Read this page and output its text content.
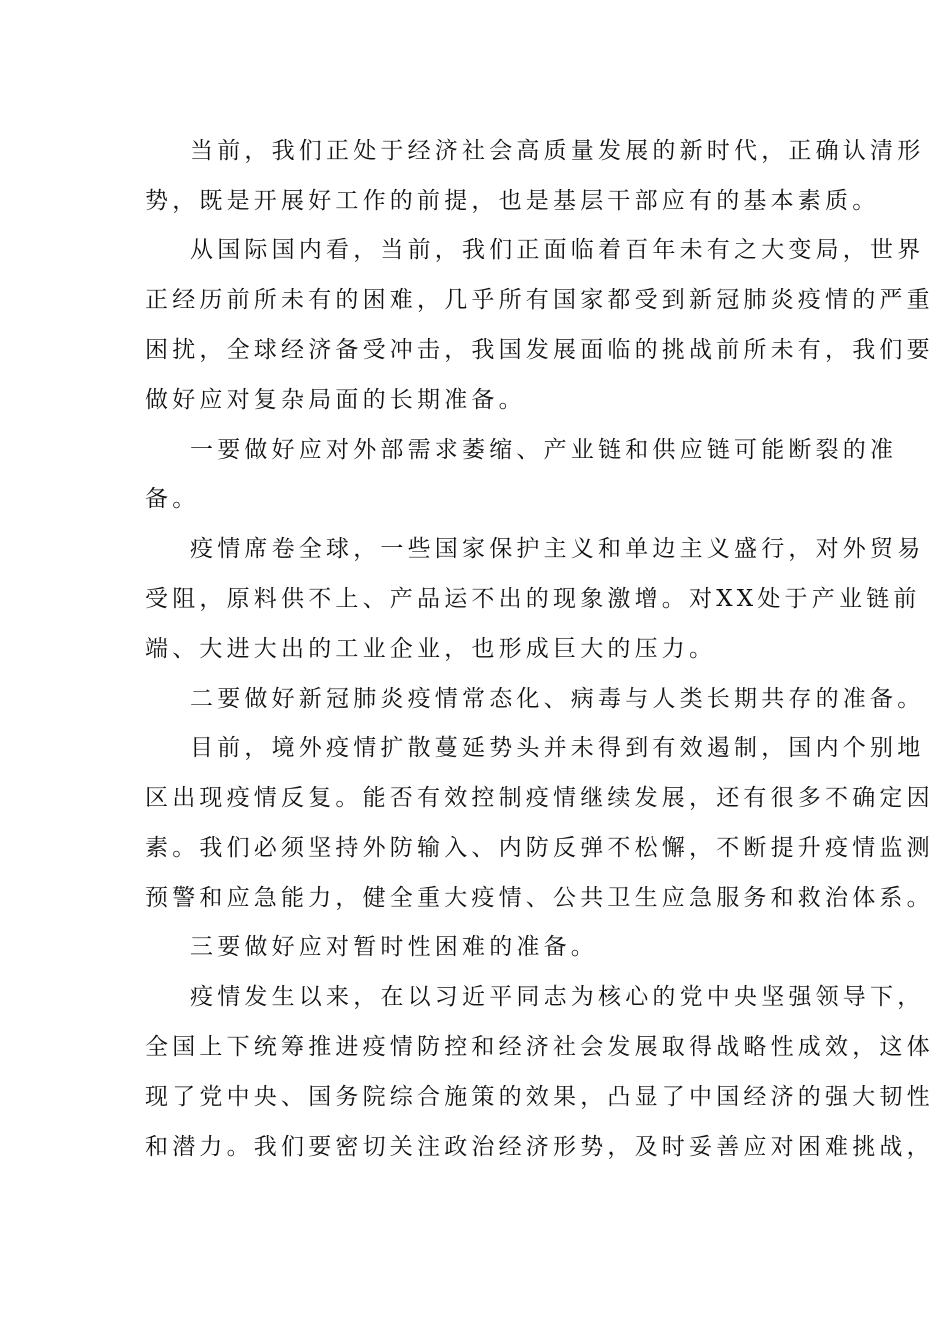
当前，我们正处于经济社会高质量发展的新时代，正确认清形
势，既是开展好工作的前提，也是基层干部应有的基本素质。
从国际国内看，当前，我们正面临着百年未有之大变局，世界
正经历前所未有的困难，几乎所有国家都受到新冠肺炎疫情的严重
困扰，全球经济备受冲击，我国发展面临的挑战前所未有，我们要
做好应对复杂局面的长期准备。
一要做好应对外部需求萎缩、产业链和供应链可能断裂的准
备。
疫情席卷全球，一些国家保护主义和单边主义盛行，对外贸易
受阻，原料供不上、产品运不出的现象激增。对XX处于产业链前
端、大进大出的工业企业，也形成巨大的压力。
二要做好新冠肺炎疫情常态化、病毒与人类长期共存的准备。
目前，境外疫情扩散蔓延势头并未得到有效遏制，国内个别地
区出现疫情反复。能否有效控制疫情继续发展，还有很多不确定因
素。我们必须坚持外防输入、内防反弹不松懈，不断提升疫情监测
预警和应急能力，健全重大疫情、公共卫生应急服务和救治体系。
三要做好应对暂时性困难的准备。
疫情发生以来，在以习近平同志为核心的党中央坚强领导下，
全国上下统筹推进疫情防控和经济社会发展取得战略性成效，这体
现了党中央、国务院综合施策的效果，凸显了中国经济的强大韧性
和潜力。我们要密切关注政治经济形势，及时妥善应对困难挑战，
